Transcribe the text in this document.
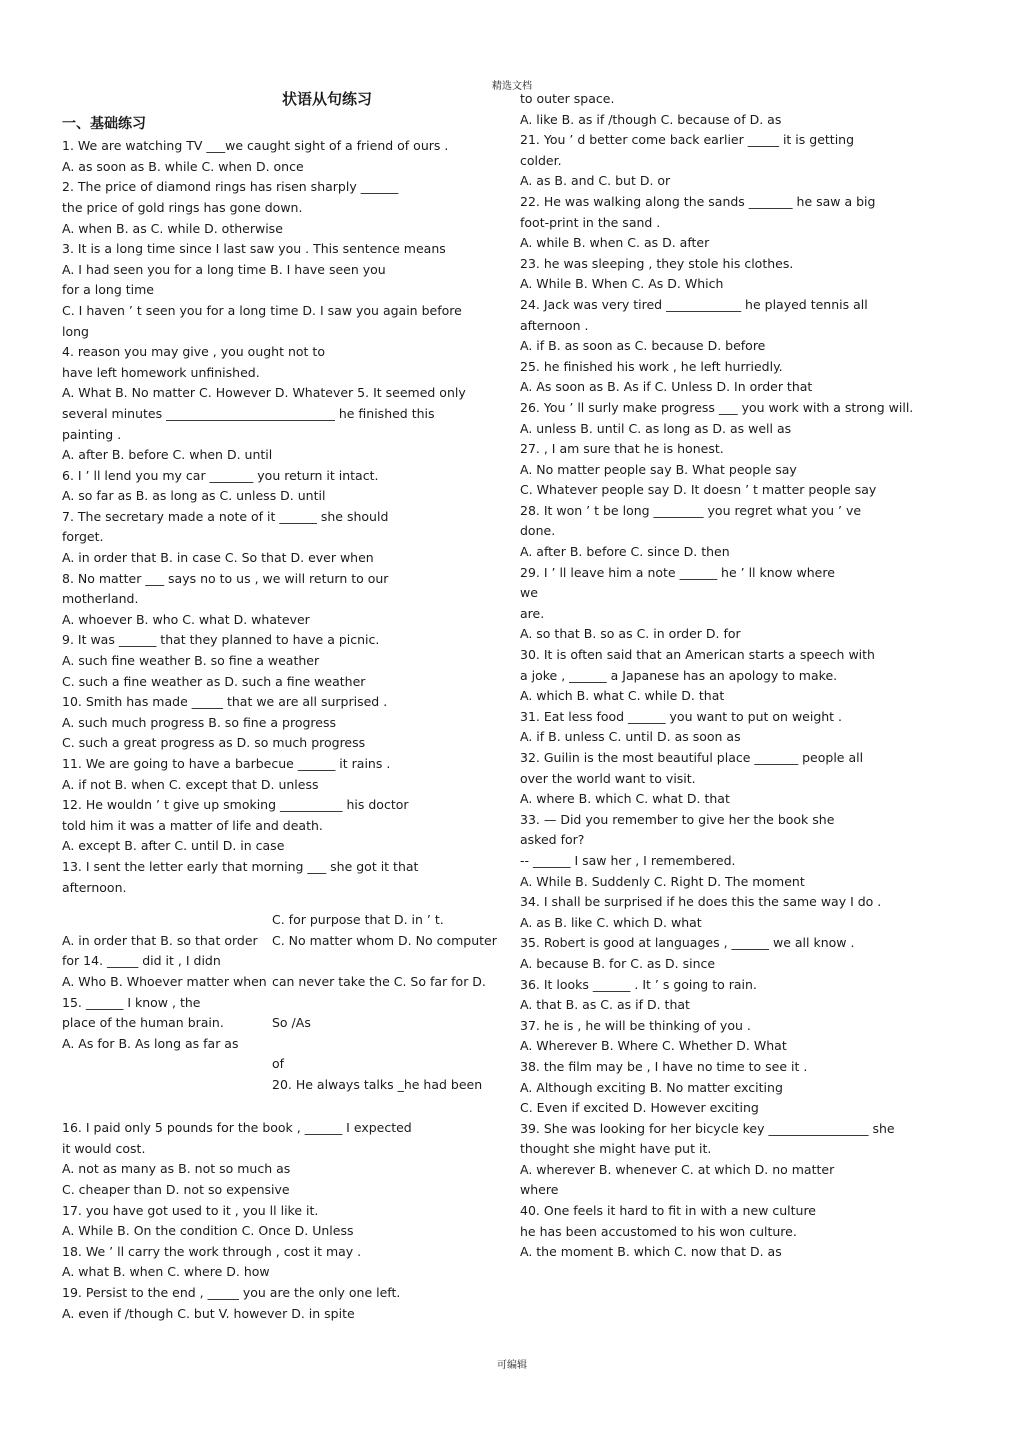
精选文档
状语从句练习
一、基础练习
1. We are watching TV ___we caught sight of a friend of ours .
A. as soon as B. while C. when D. once
2. The price of diamond rings has risen sharply ______
the price of gold rings has gone down.
A. when B. as C. while D. otherwise
3. It is a long time since I last saw you . This sentence means
A. I had seen you for a long time B. I have seen you
for a long time
C. I haven ’ t seen you for a long time D. I saw you again before
long
4. reason you may give , you ought not to
have left homework unfinished.
A. What B. No matter C. However D. Whatever 5. It seemed only
several minutes ___________________________ he finished this
painting .
A. after B. before C. when D. until
6. I ’ ll lend you my car _______ you return it intact.
A. so far as B. as long as C. unless D. until
7. The secretary made a note of it ______ she should
forget.
A. in order that B. in case C. So that D. ever when
8. No matter ___ says no to us , we will return to our
motherland.
A. whoever B. who C. what D. whatever
9. It was ______ that they planned to have a picnic.
A. such fine weather B. so fine a weather
C. such a fine weather as D. such a fine weather
10. Smith has made _____ that we are all surprised .
A. such much progress B. so fine a progress
C. such a great progress as D. so much progress
11. We are going to have a barbecue ______ it rains .
A. if not B. when C. except that D. unless
12. He wouldn ’ t give up smoking __________ his doctor
told him it was a matter of life and death.
A. except B. after C. until D. in case
13. I sent the letter early that morning ___ she got it that
afternoon.

A. in order that B. so that order
for 14. _____ did it , I didn
A. Who B. Whoever matter when
15. ______ I know , the
place of the human brain.
A. As for B. As long as far as
C. for purpose that D. in ’ t.
C. No matter whom D. No computer

can never take the C. So far for D.

So /As

of
20. He always talks _he had been
16. I paid only 5 pounds for the book , ______ I expected
it would cost.
A. not as many as B. not so much as
C. cheaper than D. not so expensive
17. you have got used to it , you ll like it.
A. While B. On the condition C. Once D. Unless
18. We ’ ll carry the work through , cost it may .
A. what B. when C. where D. how
19. Persist to the end , _____ you are the only one left.
A. even if /though C. but V. however D. in spite
to outer space.
A. like B. as if /though C. because of D. as
21. You ’ d better come back earlier _____ it is getting
colder.
A. as B. and C. but D. or
22. He was walking along the sands _______ he saw a big
foot-print in the sand .
A. while B. when C. as D. after
23. he was sleeping , they stole his clothes.
A. While B. When C. As D. Which
24. Jack was very tired ____________ he played tennis all
afternoon .
A. if B. as soon as C. because D. before
25. he finished his work , he left hurriedly.
A. As soon as B. As if C. Unless D. In order that
26. You ’ ll surly make progress ___ you work with a strong will.
A. unless B. until C. as long as D. as well as
27. , I am sure that he is honest.
A. No matter people say B. What people say
C. Whatever people say D. It doesn ’ t matter people say
28. It won ’ t be long ________ you regret what you ’ ve
done.
A. after B. before C. since D. then
29. I ’ ll leave him a note ______ he ’ ll know where
we
are.
A. so that B. so as C. in order D. for
30. It is often said that an American starts a speech with
a joke , ______ a Japanese has an apology to make.
A. which B. what C. while D. that
31. Eat less food ______ you want to put on weight .
A. if B. unless C. until D. as soon as
32. Guilin is the most beautiful place _______ people all
over the world want to visit.
A. where B. which C. what D. that
33. — Did you remember to give her the book she
asked for?
-- ______ I saw her , I remembered.
A. While B. Suddenly C. Right D. The moment
34. I shall be surprised if he does this the same way I do .
A. as B. like C. which D. what
35. Robert is good at languages , ______ we all know .
A. because B. for C. as D. since
36. It looks ______ . It ’ s going to rain.
A. that B. as C. as if D. that
37. he is , he will be thinking of you .
A. Wherever B. Where C. Whether D. What
38. the film may be , I have no time to see it .
A. Although exciting B. No matter exciting
C. Even if excited D. However exciting
39. She was looking for her bicycle key ________________ she
thought she might have put it.
A. wherever B. whenever C. at which D. no matter
where
40. One feels it hard to fit in with a new culture
he has been accustomed to his won culture.
A. the moment B. which C. now that D. as
可编辑
